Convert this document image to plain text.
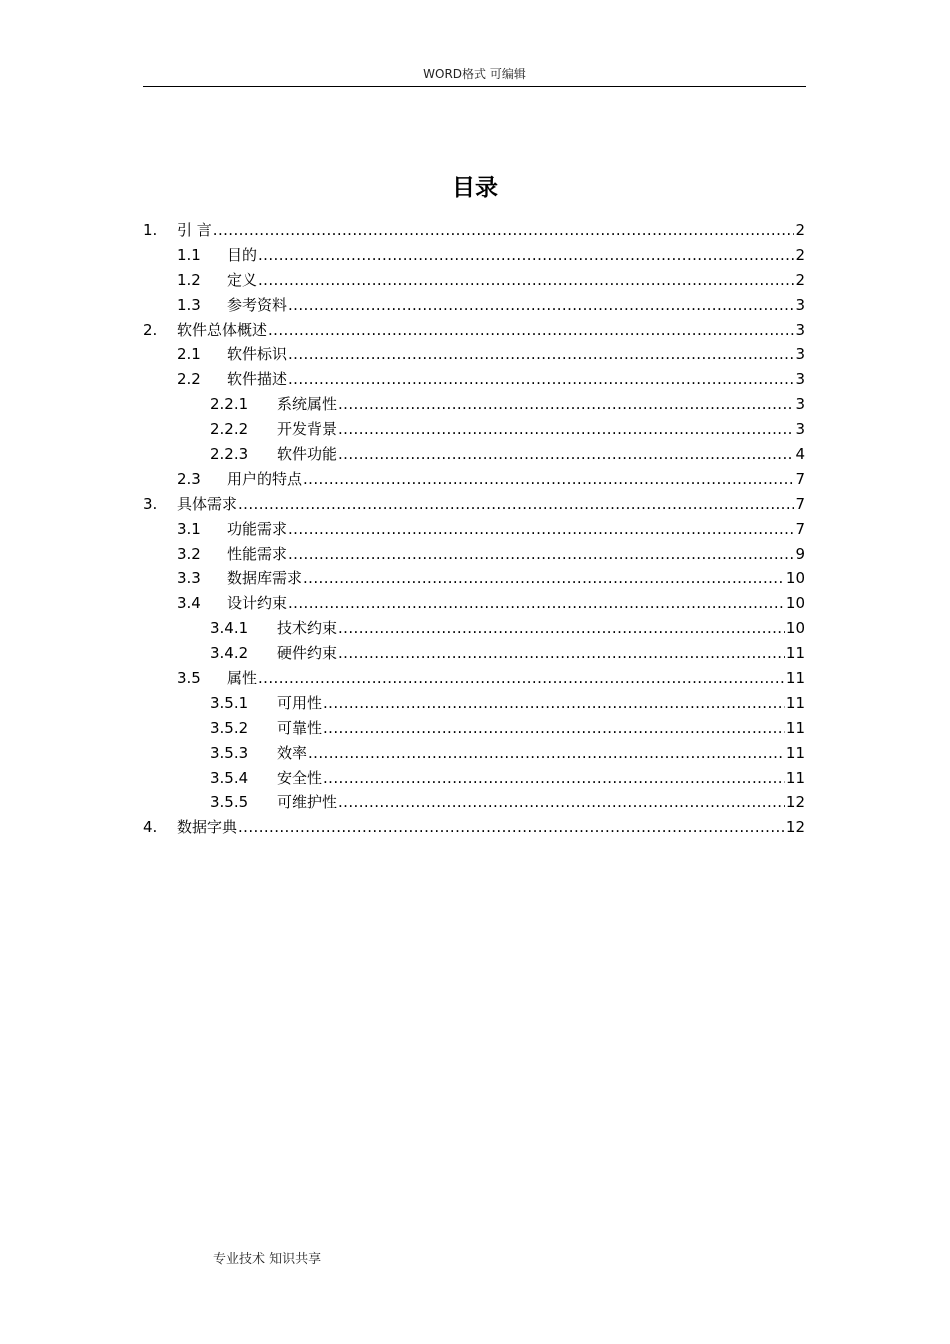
WORD格式 可编辑
目录
1.	引 言 .....	2
1.1	目的 .....	2
1.2	定义 .....	2
1.3	参考资料 .....	3
2.	软件总体概述 .....	3
2.1	软件标识 .....	3
2.2	软件描述 .....	3
2.2.1	系统属性 .....	3
2.2.2	开发背景 .....	3
2.2.3	软件功能 .....	4
2.3	用户的特点 .....	7
3.	具体需求 .....	7
3.1	功能需求 .....	7
3.2	性能需求 .....	9
3.3	数据库需求 .....	10
3.4	设计约束 .....	10
3.4.1	技术约束 .....	10
3.4.2	硬件约束 .....	11
3.5	属性 .....	11
3.5.1	可用性 .....	11
3.5.2	可靠性 .....	11
3.5.3	效率 .....	11
3.5.4	安全性 .....	11
3.5.5	可维护性 .....	12
4.	数据字典 .....	12
专业技术 知识共享
